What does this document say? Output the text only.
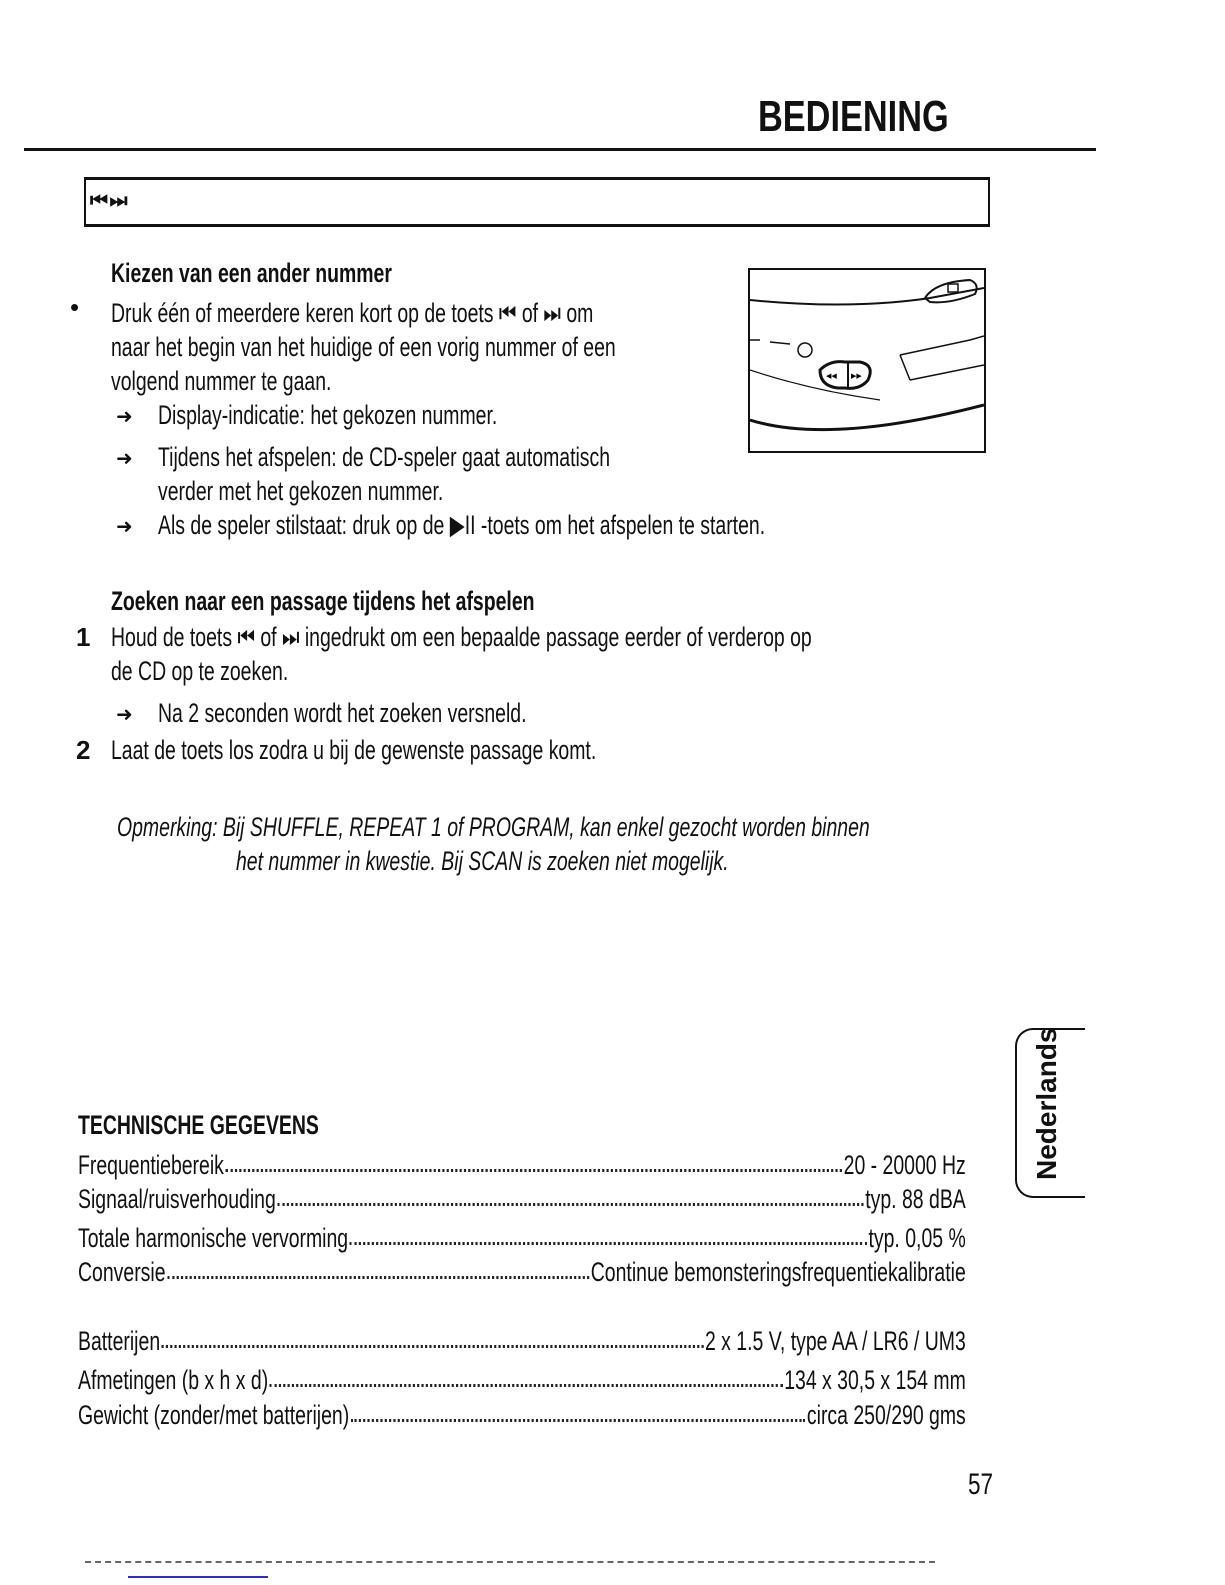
BEDIENING
⏮ ⏭
Kiezen van een ander nummer
• Druk één of meerdere keren kort op de toets ⏮ of ⏭ om
naar het begin van het huidige of een vorig nummer of een
volgend nummer te gaan.
➜ Display-indicatie: het gekozen nummer.
➜ Tijdens het afspelen: de CD-speler gaat automatisch
verder met het gekozen nummer.
➜ Als de speler stilstaat: druk op de ▶II -toets om het afspelen te starten.
◀◀ ▶▶
Zoeken naar een passage tijdens het afspelen
1 Houd de toets ⏮ of ⏭ ingedrukt om een bepaalde passage eerder of verderop op
de CD op te zoeken.
➜ Na 2 seconden wordt het zoeken versneld.
2 Laat de toets los zodra u bij de gewenste passage komt.
Opmerking: Bij SHUFFLE, REPEAT 1 of PROGRAM, kan enkel gezocht worden binnen
het nummer in kwestie. Bij SCAN is zoeken niet mogelijk.
TECHNISCHE GEGEVENS
Frequentiebereik	20 - 20000 Hz
Signaal/ruisverhouding	typ. 88 dBA
Totale harmonische vervorming	typ. 0,05 %
Conversie	Continue bemonsteringsfrequentiekalibratie
Batterijen	2 x 1.5 V, type AA / LR6 / UM3
Afmetingen (b x h x d)	134 x 30,5 x 154 mm
Gewicht (zonder/met batterijen)	circa 250/290 gms
Nederlands
57
